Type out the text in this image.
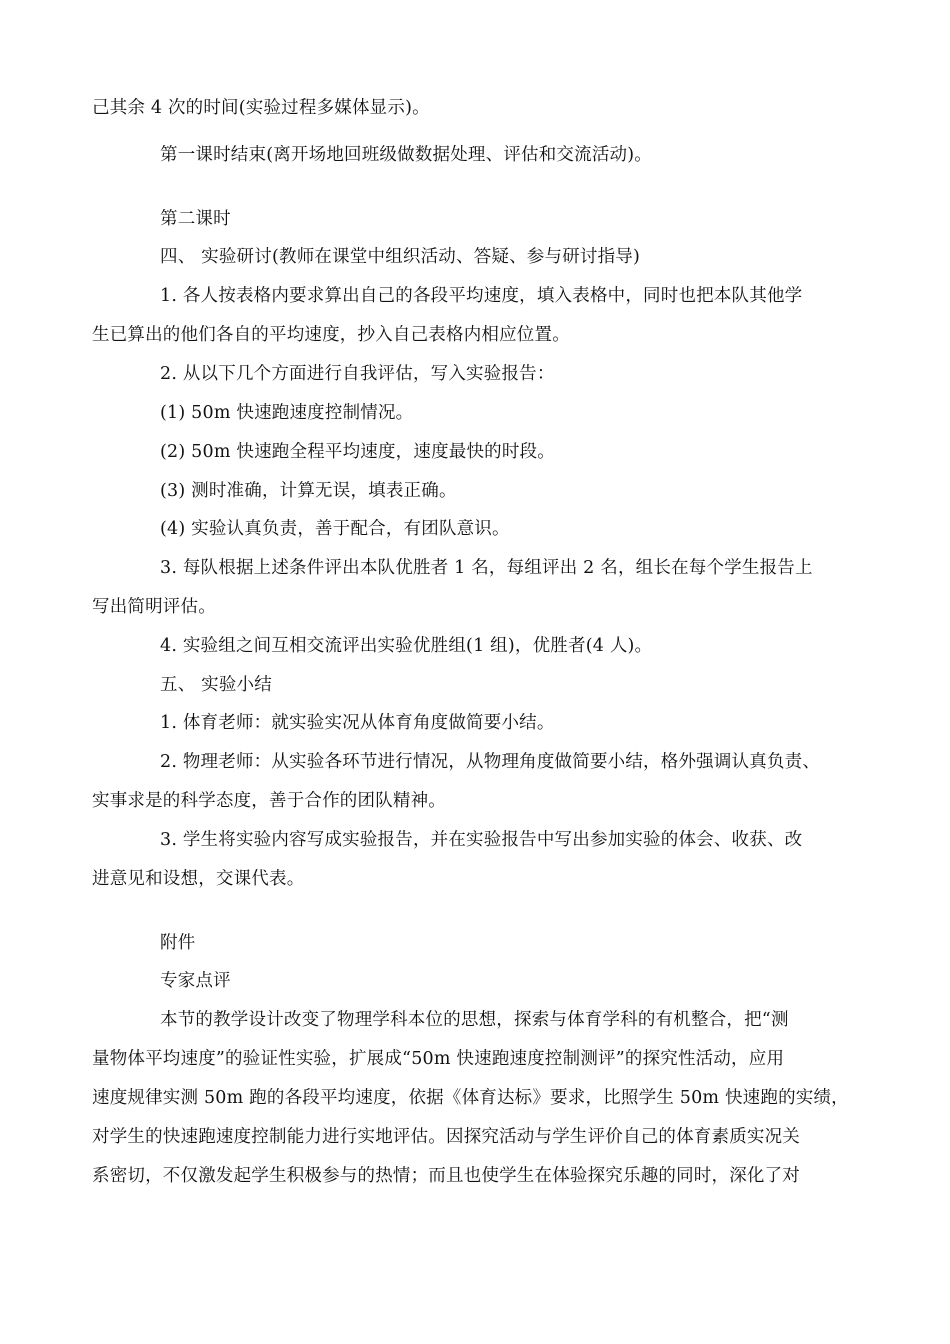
己其余 4 次的时间(实验过程多媒体显示)。
第一课时结束(离开场地回班级做数据处理、评估和交流活动)。
第二课时
四、 实验研讨(教师在课堂中组织活动、答疑、参与研讨指导)
1. 各人按表格内要求算出自己的各段平均速度，填入表格中，同时也把本队其他学
生已算出的他们各自的平均速度，抄入自己表格内相应位置。
2. 从以下几个方面进行自我评估，写入实验报告：
(1) 50m 快速跑速度控制情况。
(2) 50m 快速跑全程平均速度，速度最快的时段。
(3) 测时准确，计算无误，填表正确。
(4) 实验认真负责，善于配合，有团队意识。
3. 每队根据上述条件评出本队优胜者 1 名，每组评出 2 名，组长在每个学生报告上
写出简明评估。
4. 实验组之间互相交流评出实验优胜组(1 组)，优胜者(4 人)。
五、 实验小结
1. 体育老师：就实验实况从体育角度做简要小结。
2. 物理老师：从实验各环节进行情况，从物理角度做简要小结，格外强调认真负责、
实事求是的科学态度，善于合作的团队精神。
3. 学生将实验内容写成实验报告，并在实验报告中写出参加实验的体会、收获、改
进意见和设想，交课代表。
附件
专家点评
本节的教学设计改变了物理学科本位的思想，探索与体育学科的有机整合，把“测
量物体平均速度”的验证性实验，扩展成“50m 快速跑速度控制测评”的探究性活动，应用
速度规律实测 50m 跑的各段平均速度，依据《体育达标》要求，比照学生 50m 快速跑的实绩，
对学生的快速跑速度控制能力进行实地评估。因探究活动与学生评价自己的体育素质实况关
系密切，不仅激发起学生积极参与的热情；而且也使学生在体验探究乐趣的同时，深化了对
